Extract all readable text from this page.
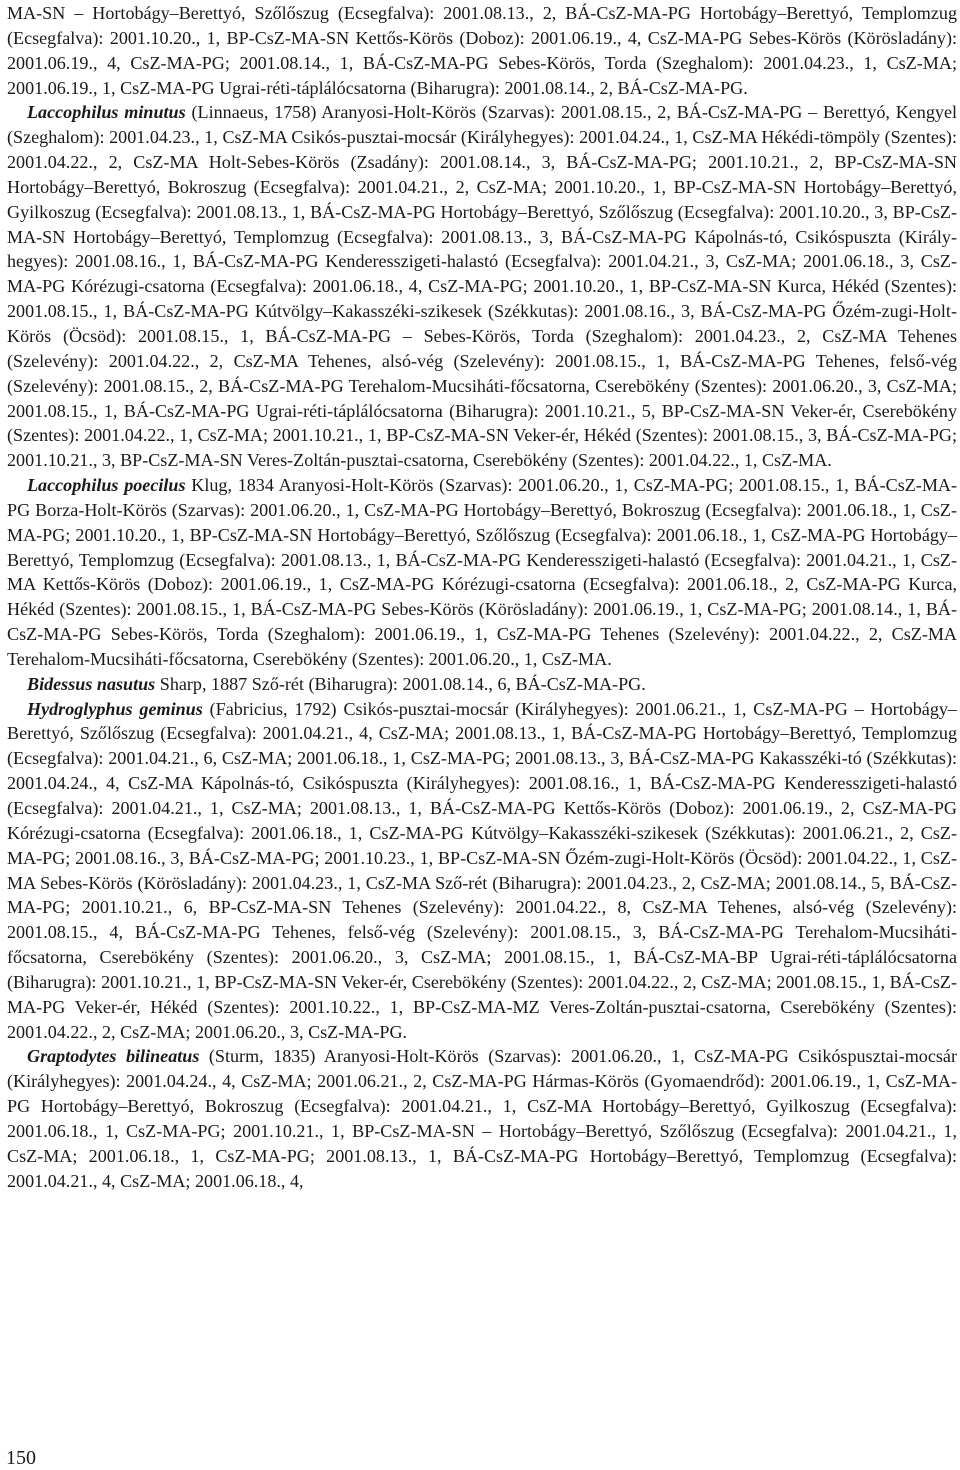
MA-SN – Hortobágy–Berettyó, Szőlőszug (Ecsegfalva): 2001.08.13., 2, BÁ-CsZ-MA-PG Hortobágy–Berettyó, Templomzug (Ecsegfalva): 2001.10.20., 1, BP-CsZ-MA-SN Kettős-Körös (Doboz): 2001.06.19., 4, CsZ-MA-PG Sebes-Körös (Körösladány): 2001.06.19., 4, CsZ-MA-PG; 2001.08.14., 1, BÁ-CsZ-MA-PG Sebes-Körös, Torda (Szeghalom): 2001.04.23., 1, CsZ-MA; 2001.06.19., 1, CsZ-MA-PG Ugrai-réti-táplálócsatorna (Biharugra): 2001.08.14., 2, BÁ-CsZ-MA-PG.

Laccophilus minutus (Linnaeus, 1758) Aranyosi-Holt-Körös (Szarvas): 2001.08.15., 2, BÁ-CsZ-MA-PG – Berettyó, Kengyel (Szeghalom): 2001.04.23., 1, CsZ-MA Csikós-pusztai-mocsár (Királyhegyes): 2001.04.24., 1, CsZ-MA Hékédi-tömpöly (Szentes): 2001.04.22., 2, CsZ-MA Holt-Sebes-Körös (Zsadány): 2001.08.14., 3, BÁ-CsZ-MA-PG; 2001.10.21., 2, BP-CsZ-MA-SN Hortobágy–Berettyó, Bokroszug (Ecsegfalva): 2001.04.21., 2, CsZ-MA; 2001.10.20., 1, BP-CsZ-MA-SN Hortobágy–Berettyó, Gyilkoszug (Ecsegfalva): 2001.08.13., 1, BÁ-CsZ-MA-PG Hortobágy–Berettyó, Szőlőszug (Ecsegfalva): 2001.10.20., 3, BP-CsZ-MA-SN Hortobágy–Berettyó, Templomzug (Ecsegfalva): 2001.08.13., 3, BÁ-CsZ-MA-PG Kápolnás-tó, Csikóspuszta (Királyhegyes): 2001.08.16., 1, BÁ-CsZ-MA-PG Kenderesszigeti-halastó (Ecsegfalva): 2001.04.21., 3, CsZ-MA; 2001.06.18., 3, CsZ-MA-PG Kórézugi-csatorna (Ecsegfalva): 2001.06.18., 4, CsZ-MA-PG; 2001.10.20., 1, BP-CsZ-MA-SN Kurca, Hékéd (Szentes): 2001.08.15., 1, BÁ-CsZ-MA-PG Kútvölgy–Kakasszéki-szikesek (Székkutas): 2001.08.16., 3, BÁ-CsZ-MA-PG Őzém-zugi-Holt-Körös (Öcsöd): 2001.08.15., 1, BÁ-CsZ-MA-PG – Sebes-Körös, Torda (Szeghalom): 2001.04.23., 2, CsZ-MA Tehenes (Szelevény): 2001.04.22., 2, CsZ-MA Tehenes, alsó-vég (Szelevény): 2001.08.15., 1, BÁ-CsZ-MA-PG Tehenes, felső-vég (Szelevény): 2001.08.15., 2, BÁ-CsZ-MA-PG Terehalom-Mucsiháti-főcsatorna, Cserebökény (Szentes): 2001.06.20., 3, CsZ-MA; 2001.08.15., 1, BÁ-CsZ-MA-PG Ugrai-réti-táplálócsatorna (Biharugra): 2001.10.21., 5, BP-CsZ-MA-SN Veker-ér, Cserebökény (Szentes): 2001.04.22., 1, CsZ-MA; 2001.10.21., 1, BP-CsZ-MA-SN Veker-ér, Hékéd (Szentes): 2001.08.15., 3, BÁ-CsZ-MA-PG; 2001.10.21., 3, BP-CsZ-MA-SN Veres-Zoltán-pusztai-csatorna, Cserebökény (Szentes): 2001.04.22., 1, CsZ-MA.

Laccophilus poecilus Klug, 1834 Aranyosi-Holt-Körös (Szarvas): 2001.06.20., 1, CsZ-MA-PG; 2001.08.15., 1, BÁ-CsZ-MA-PG Borza-Holt-Körös (Szarvas): 2001.06.20., 1, CsZ-MA-PG Hortobágy–Berettyó, Bokroszug (Ecsegfalva): 2001.06.18., 1, CsZ-MA-PG; 2001.10.20., 1, BP-CsZ-MA-SN Hortobágy–Berettyó, Szőlőszug (Ecsegfalva): 2001.06.18., 1, CsZ-MA-PG Hortobágy–Berettyó, Templomzug (Ecsegfalva): 2001.08.13., 1, BÁ-CsZ-MA-PG Kenderesszigeti-halastó (Ecsegfalva): 2001.04.21., 1, CsZ-MA Kettős-Körös (Doboz): 2001.06.19., 1, CsZ-MA-PG Kórézugi-csatorna (Ecsegfalva): 2001.06.18., 2, CsZ-MA-PG Kurca, Hékéd (Szentes): 2001.08.15., 1, BÁ-CsZ-MA-PG Sebes-Körös (Körösladány): 2001.06.19., 1, CsZ-MA-PG; 2001.08.14., 1, BÁ-CsZ-MA-PG Sebes-Körös, Torda (Szeghalom): 2001.06.19., 1, CsZ-MA-PG Tehenes (Szelevény): 2001.04.22., 2, CsZ-MA Terehalom-Mucsiháti-főcsatorna, Cserebökény (Szentes): 2001.06.20., 1, CsZ-MA.

Bidessus nasutus Sharp, 1887 Sző-rét (Biharugra): 2001.08.14., 6, BÁ-CsZ-MA-PG.

Hydroglyphus geminus (Fabricius, 1792) Csikós-pusztai-mocsár (Királyhegyes): 2001.06.21., 1, CsZ-MA-PG – Hortobágy–Berettyó, Szőlőszug (Ecsegfalva): 2001.04.21., 4, CsZ-MA; 2001.08.13., 1, BÁ-CsZ-MA-PG Hortobágy–Berettyó, Templomzug (Ecsegfalva): 2001.04.21., 6, CsZ-MA; 2001.06.18., 1, CsZ-MA-PG; 2001.08.13., 3, BÁ-CsZ-MA-PG Kakasszéki-tó (Székkutas): 2001.04.24., 4, CsZ-MA Kápolnás-tó, Csikóspuszta (Királyhegyes): 2001.08.16., 1, BÁ-CsZ-MA-PG Kenderesszigeti-halastó (Ecsegfalva): 2001.04.21., 1, CsZ-MA; 2001.08.13., 1, BÁ-CsZ-MA-PG Kettős-Körös (Doboz): 2001.06.19., 2, CsZ-MA-PG Kórézugi-csatorna (Ecsegfalva): 2001.06.18., 1, CsZ-MA-PG Kútvölgy–Kakasszéki-szikesek (Székkutas): 2001.06.21., 2, CsZ-MA-PG; 2001.08.16., 3, BÁ-CsZ-MA-PG; 2001.10.23., 1, BP-CsZ-MA-SN Őzém-zugi-Holt-Körös (Öcsöd): 2001.04.22., 1, CsZ-MA Sebes-Körös (Körösladány): 2001.04.23., 1, CsZ-MA Sző-rét (Biharugra): 2001.04.23., 2, CsZ-MA; 2001.08.14., 5, BÁ-CsZ-MA-PG; 2001.10.21., 6, BP-CsZ-MA-SN Tehenes (Szelevény): 2001.04.22., 8, CsZ-MA Tehenes, alsó-vég (Szelevény): 2001.08.15., 4, BÁ-CsZ-MA-PG Tehenes, felső-vég (Szelevény): 2001.08.15., 3, BÁ-CsZ-MA-PG Terehalom-Mucsiháti-főcsatorna, Cserebökény (Szentes): 2001.06.20., 3, CsZ-MA; 2001.08.15., 1, BÁ-CsZ-MA-BP Ugrai-réti-táplálócsatorna (Biharugra): 2001.10.21., 1, BP-CsZ-MA-SN Veker-ér, Cserebökény (Szentes): 2001.04.22., 2, CsZ-MA; 2001.08.15., 1, BÁ-CsZ-MA-PG Veker-ér, Hékéd (Szentes): 2001.10.22., 1, BP-CsZ-MA-MZ Veres-Zoltán-pusztai-csatorna, Cserebökény (Szentes): 2001.04.22., 2, CsZ-MA; 2001.06.20., 3, CsZ-MA-PG.

Graptodytes bilineatus (Sturm, 1835) Aranyosi-Holt-Körös (Szarvas): 2001.06.20., 1, CsZ-MA-PG Csikóspusztai-mocsár (Királyhegyes): 2001.04.24., 4, CsZ-MA; 2001.06.21., 2, CsZ-MA-PG Hármas-Körös (Gyomaendrőd): 2001.06.19., 1, CsZ-MA-PG Hortobágy–Berettyó, Bokroszug (Ecsegfalva): 2001.04.21., 1, CsZ-MA Hortobágy–Berettyó, Gyilkoszug (Ecsegfalva): 2001.06.18., 1, CsZ-MA-PG; 2001.10.21., 1, BP-CsZ-MA-SN – Hortobágy–Berettyó, Szőlőszug (Ecsegfalva): 2001.04.21., 1, CsZ-MA; 2001.06.18., 1, CsZ-MA-PG; 2001.08.13., 1, BÁ-CsZ-MA-PG Hortobágy–Berettyó, Templomzug (Ecsegfalva): 2001.04.21., 4, CsZ-MA; 2001.06.18., 4,

150
